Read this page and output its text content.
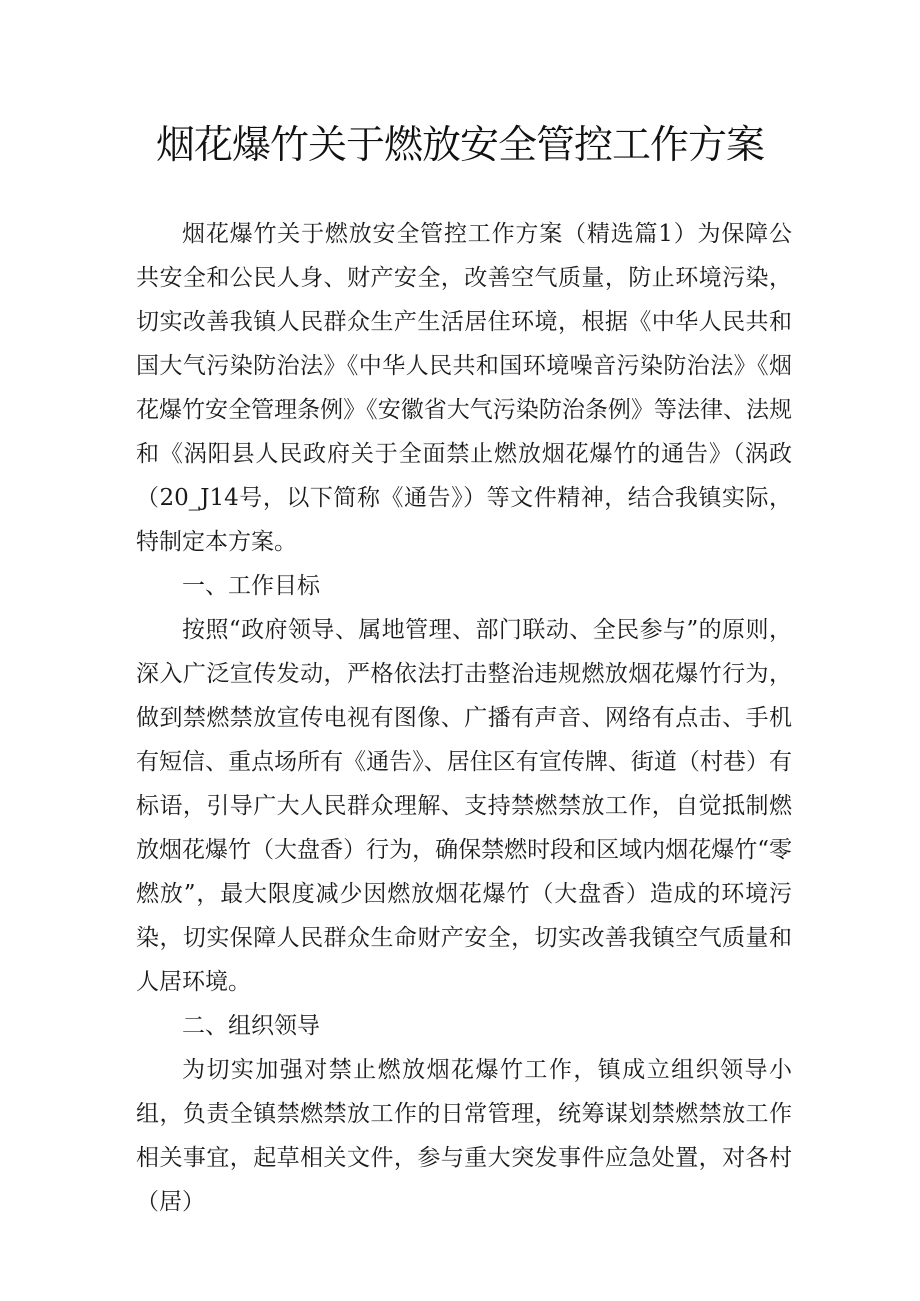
烟花爆竹关于燃放安全管控工作方案

烟花爆竹关于燃放安全管控工作方案（精选篇1）为保障公共安全和公民人身、财产安全，改善空气质量，防止环境污染，切实改善我镇人民群众生产生活居住环境，根据《中华人民共和国大气污染防治法》《中华人民共和国环境噪音污染防治法》《烟花爆竹安全管理条例》《安徽省大气污染防治条例》等法律、法规和《涡阳县人民政府关于全面禁止燃放烟花爆竹的通告》（涡政（20_J14号，以下简称《通告》）等文件精神，结合我镇实际，特制定本方案。

一、工作目标

按照“政府领导、属地管理、部门联动、全民参与”的原则，深入广泛宣传发动，严格依法打击整治违规燃放烟花爆竹行为，做到禁燃禁放宣传电视有图像、广播有声音、网络有点击、手机有短信、重点场所有《通告》、居住区有宣传牌、街道（村巷）有标语，引导广大人民群众理解、支持禁燃禁放工作，自觉抵制燃放烟花爆竹（大盘香）行为，确保禁燃时段和区域内烟花爆竹“零燃放”，最大限度减少因燃放烟花爆竹（大盘香）造成的环境污染，切实保障人民群众生命财产安全，切实改善我镇空气质量和人居环境。

二、组织领导

为切实加强对禁止燃放烟花爆竹工作，镇成立组织领导小组，负责全镇禁燃禁放工作的日常管理，统筹谋划禁燃禁放工作相关事宜，起草相关文件，参与重大突发事件应急处置，对各村（居）
